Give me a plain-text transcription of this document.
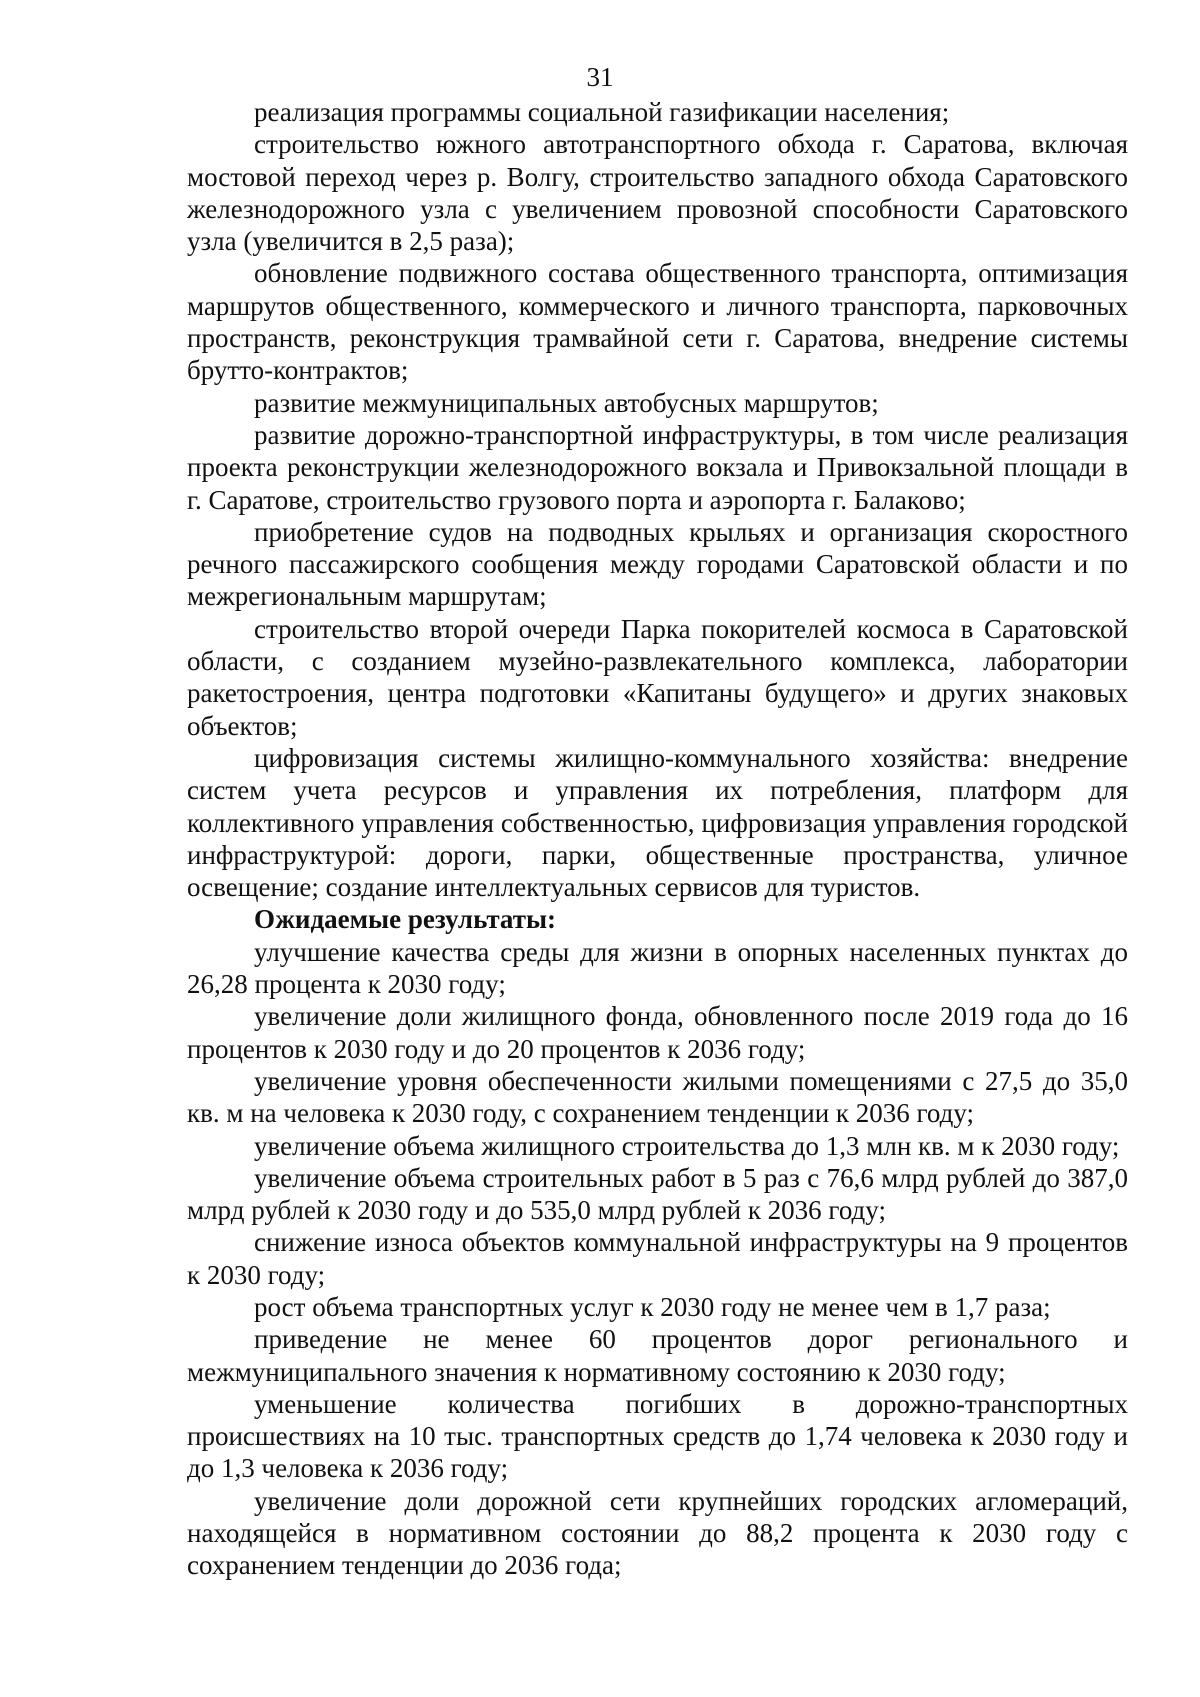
31

реализация программы социальной газификации населения;

строительство южного автотранспортного обхода г. Саратова, включая мостовой переход через р. Волгу, строительство западного обхода Саратовского железнодорожного узла с увеличением провозной способности Саратовского узла (увеличится в 2,5 раза);

обновление подвижного состава общественного транспорта, оптимизация маршрутов общественного, коммерческого и личного транспорта, парковочных пространств, реконструкция трамвайной сети г. Саратова, внедрение системы брутто-контрактов;

развитие межмуниципальных автобусных маршрутов;

развитие дорожно-транспортной инфраструктуры, в том числе реализация проекта реконструкции железнодорожного вокзала и Привокзальной площади в г. Саратове, строительство грузового порта и аэропорта г. Балаково;

приобретение судов на подводных крыльях и организация скоростного речного пассажирского сообщения между городами Саратовской области и по межрегиональным маршрутам;

строительство второй очереди Парка покорителей космоса в Саратовской области, с созданием музейно-развлекательного комплекса, лаборатории ракетостроения, центра подготовки «Капитаны будущего» и других знаковых объектов;

цифровизация системы жилищно-коммунального хозяйства: внедрение систем учета ресурсов и управления их потребления, платформ для коллективного управления собственностью, цифровизация управления городской инфраструктурой: дороги, парки, общественные пространства, уличное освещение; создание интеллектуальных сервисов для туристов.

Ожидаемые результаты:

улучшение качества среды для жизни в опорных населенных пунктах до 26,28 процента к 2030 году;

увеличение доли жилищного фонда, обновленного после 2019 года до 16 процентов к 2030 году и до 20 процентов к 2036 году;

увеличение уровня обеспеченности жилыми помещениями с 27,5 до 35,0 кв. м на человека к 2030 году, с сохранением тенденции к 2036 году;

увеличение объема жилищного строительства до 1,3 млн кв. м к 2030 году;

увеличение объема строительных работ в 5 раз с 76,6 млрд рублей до 387,0 млрд рублей к 2030 году и до 535,0 млрд рублей к 2036 году;

снижение износа объектов коммунальной инфраструктуры на 9 процентов к 2030 году;

рост объема транспортных услуг к 2030 году не менее чем в 1,7 раза;

приведение не менее 60 процентов дорог регионального и межмуниципального значения к нормативному состоянию к 2030 году;

уменьшение количества погибших в дорожно-транспортных происшествиях на 10 тыс. транспортных средств до 1,74 человека к 2030 году и до 1,3 человека к 2036 году;

увеличение доли дорожной сети крупнейших городских агломераций, находящейся в нормативном состоянии до 88,2 процента к 2030 году с сохранением тенденции до 2036 года;
